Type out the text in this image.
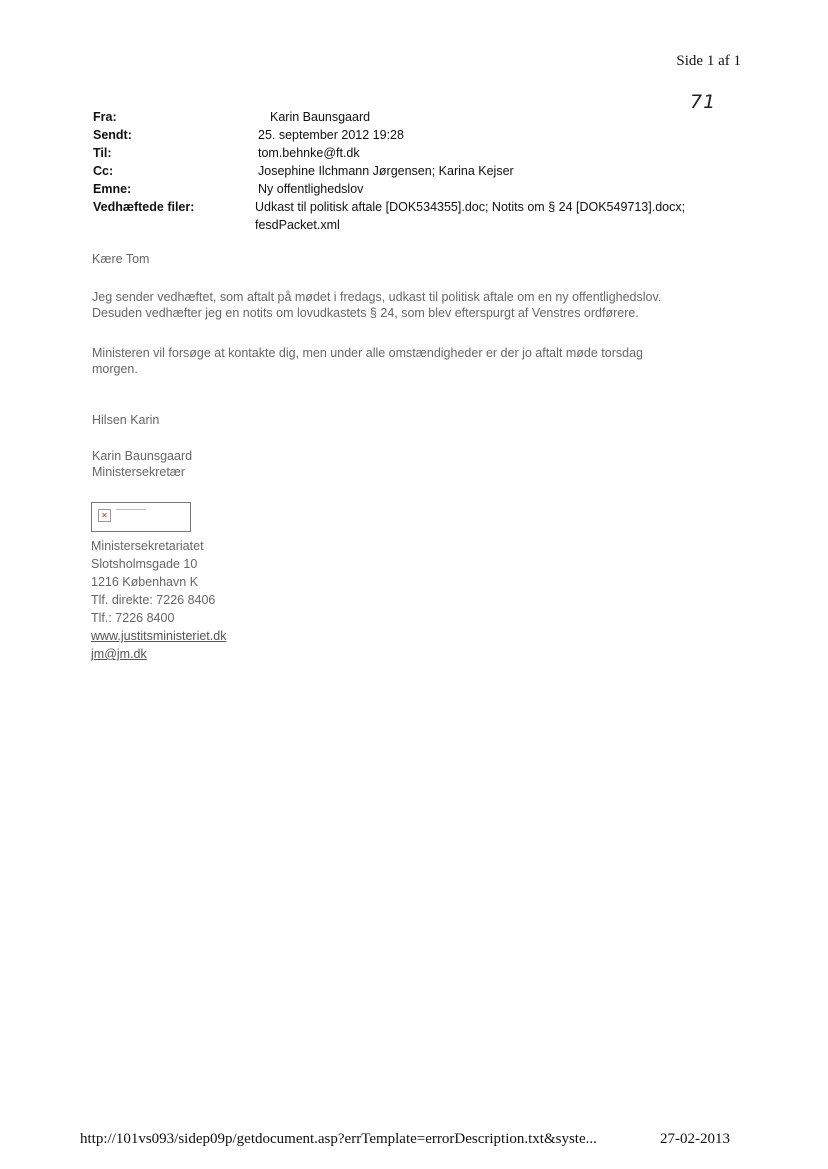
Side 1 af 1
71
Fra:	Karin Baunsgaard
Sendt:	25. september 2012 19:28
Til:	tom.behnke@ft.dk
Cc:	Josephine Ilchmann Jørgensen; Karina Kejser
Emne:	Ny offentlighedslov
Vedhæftede filer:	Udkast til politisk aftale [DOK534355].doc; Notits om § 24 [DOK549713].docx;
fesdPacket.xml
Kære Tom
Jeg sender vedhæftet, som aftalt på mødet i fredags, udkast til politisk aftale om en ny offentlighedslov.
Desuden vedhæfter jeg en notits om lovudkastets § 24, som blev efterspurgt af Venstres ordførere.
Ministeren vil forsøge at kontakte dig, men under alle omstændigheder er der jo aftalt møde torsdag
morgen.
Hilsen Karin
Karin Baunsgaard
Ministersekretær
✕
Ministersekretariatet
Slotsholmsgade 10
1216 København K
Tlf. direkte: 7226 8406
Tlf.: 7226 8400
www.justitsministeriet.dk
jm@jm.dk
http://101vs093/sidep09p/getdocument.asp?errTemplate=errorDescription.txt&syste...	27-02-2013
